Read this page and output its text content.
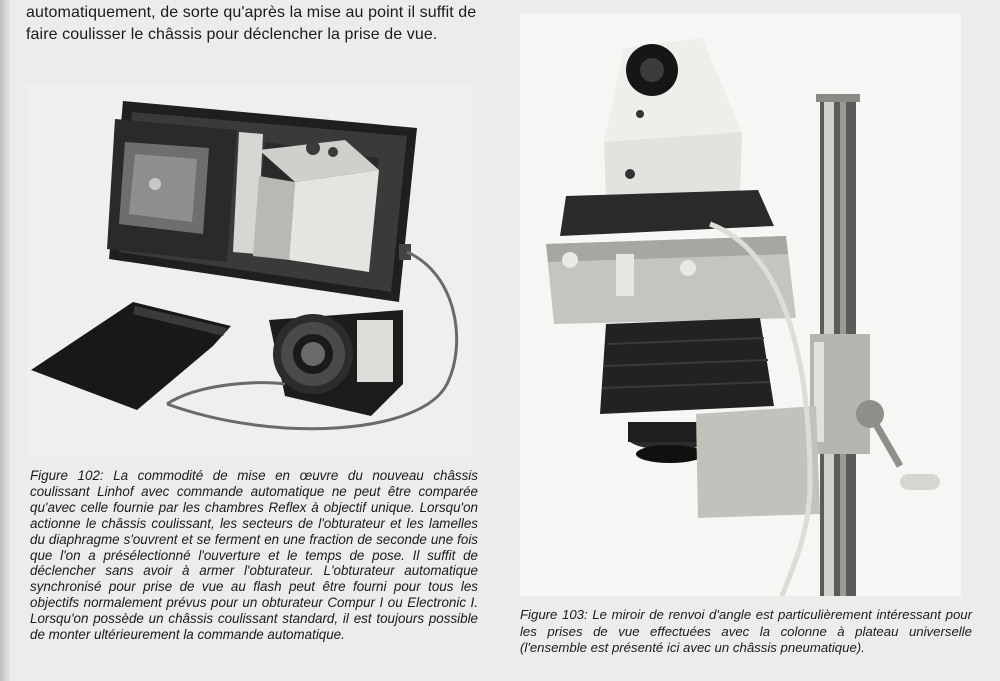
automatiquement, de sorte qu'après la mise au point il suffit de faire coulisser le châssis pour déclencher la prise de vue.

Figure 102: La commodité de mise en œuvre du nouveau châssis coulissant Linhof avec commande automatique ne peut être comparée qu'avec celle fournie par les chambres Reflex à objectif unique. Lorsqu'on actionne le châssis coulissant, les secteurs de l'obturateur et les lamelles du diaphragme s'ouvrent et se ferment en une fraction de seconde une fois que l'on a présélectionné l'ouverture et le temps de pose. Il suffit de déclencher sans avoir à armer l'obturateur. L'obturateur automatique synchronisé pour prise de vue au flash peut être fourni pour tous les objectifs normalement prévus pour un obturateur Compur I ou Electronic I. Lorsqu'on possède un châssis coulissant standard, il est toujours possible de monter ultérieurement la commande automatique.

Figure 103: Le miroir de renvoi d'angle est particulièrement intéressant pour les prises de vue effectuées avec la colonne à plateau universelle (l'ensemble est présenté ici avec un châssis pneumatique).
